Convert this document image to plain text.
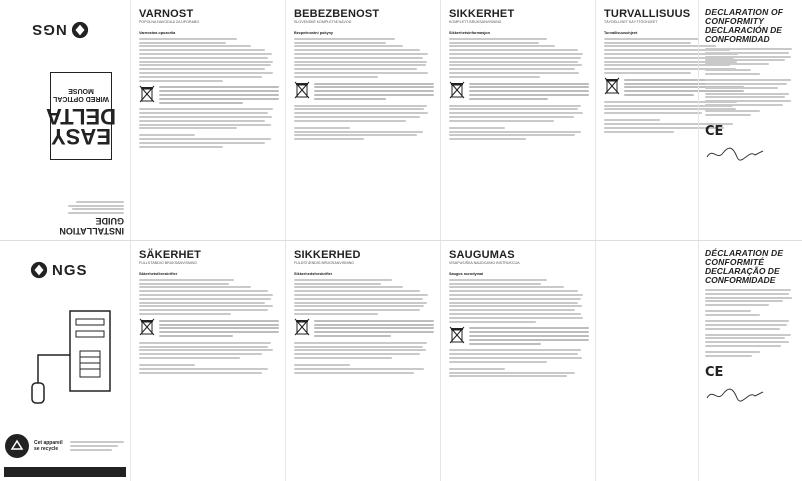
NGS
EASY DELTA
WIRED OPTICAL MOUSE
INSTALLATION GUIDE
VARNOST
POPOLNA NAVODILA ZA UPORABO
Varnostna opozorila
BEBEZBENOST
SLOVENSKÉ KOMPLETNÍ NÁVOD
Bezpečnostní pokyny
SIKKERHET
KOMPLETT BRUKSANVISNING
Sikkerhetsinformasjon
TURVALLISUUS
TÄYDELLISET KÄYTTÖOHJEET
Turvallisuusohjeet
DECLARATION OF CONFORMITY
DECLARACIÓN DE CONFORMIDAD
CE
NGS
Cet appareil se recycle
SÄKERHET
FULLSTÄNDIG BRUKSANVISNING
Säkerhetsföreskrifter
SIKKERHED
FULDSTÆNDIG BRUGSANVISNING
Sikkerhedsforskrifter
SAUGUMAS
VISAPUSIŠKA NAUDOJIMO INSTRUKCIJA
Saugos nurodymai
DÉCLARATION DE CONFORMITÉ
DECLARAÇÃO DE CONFORMIDADE
CE
